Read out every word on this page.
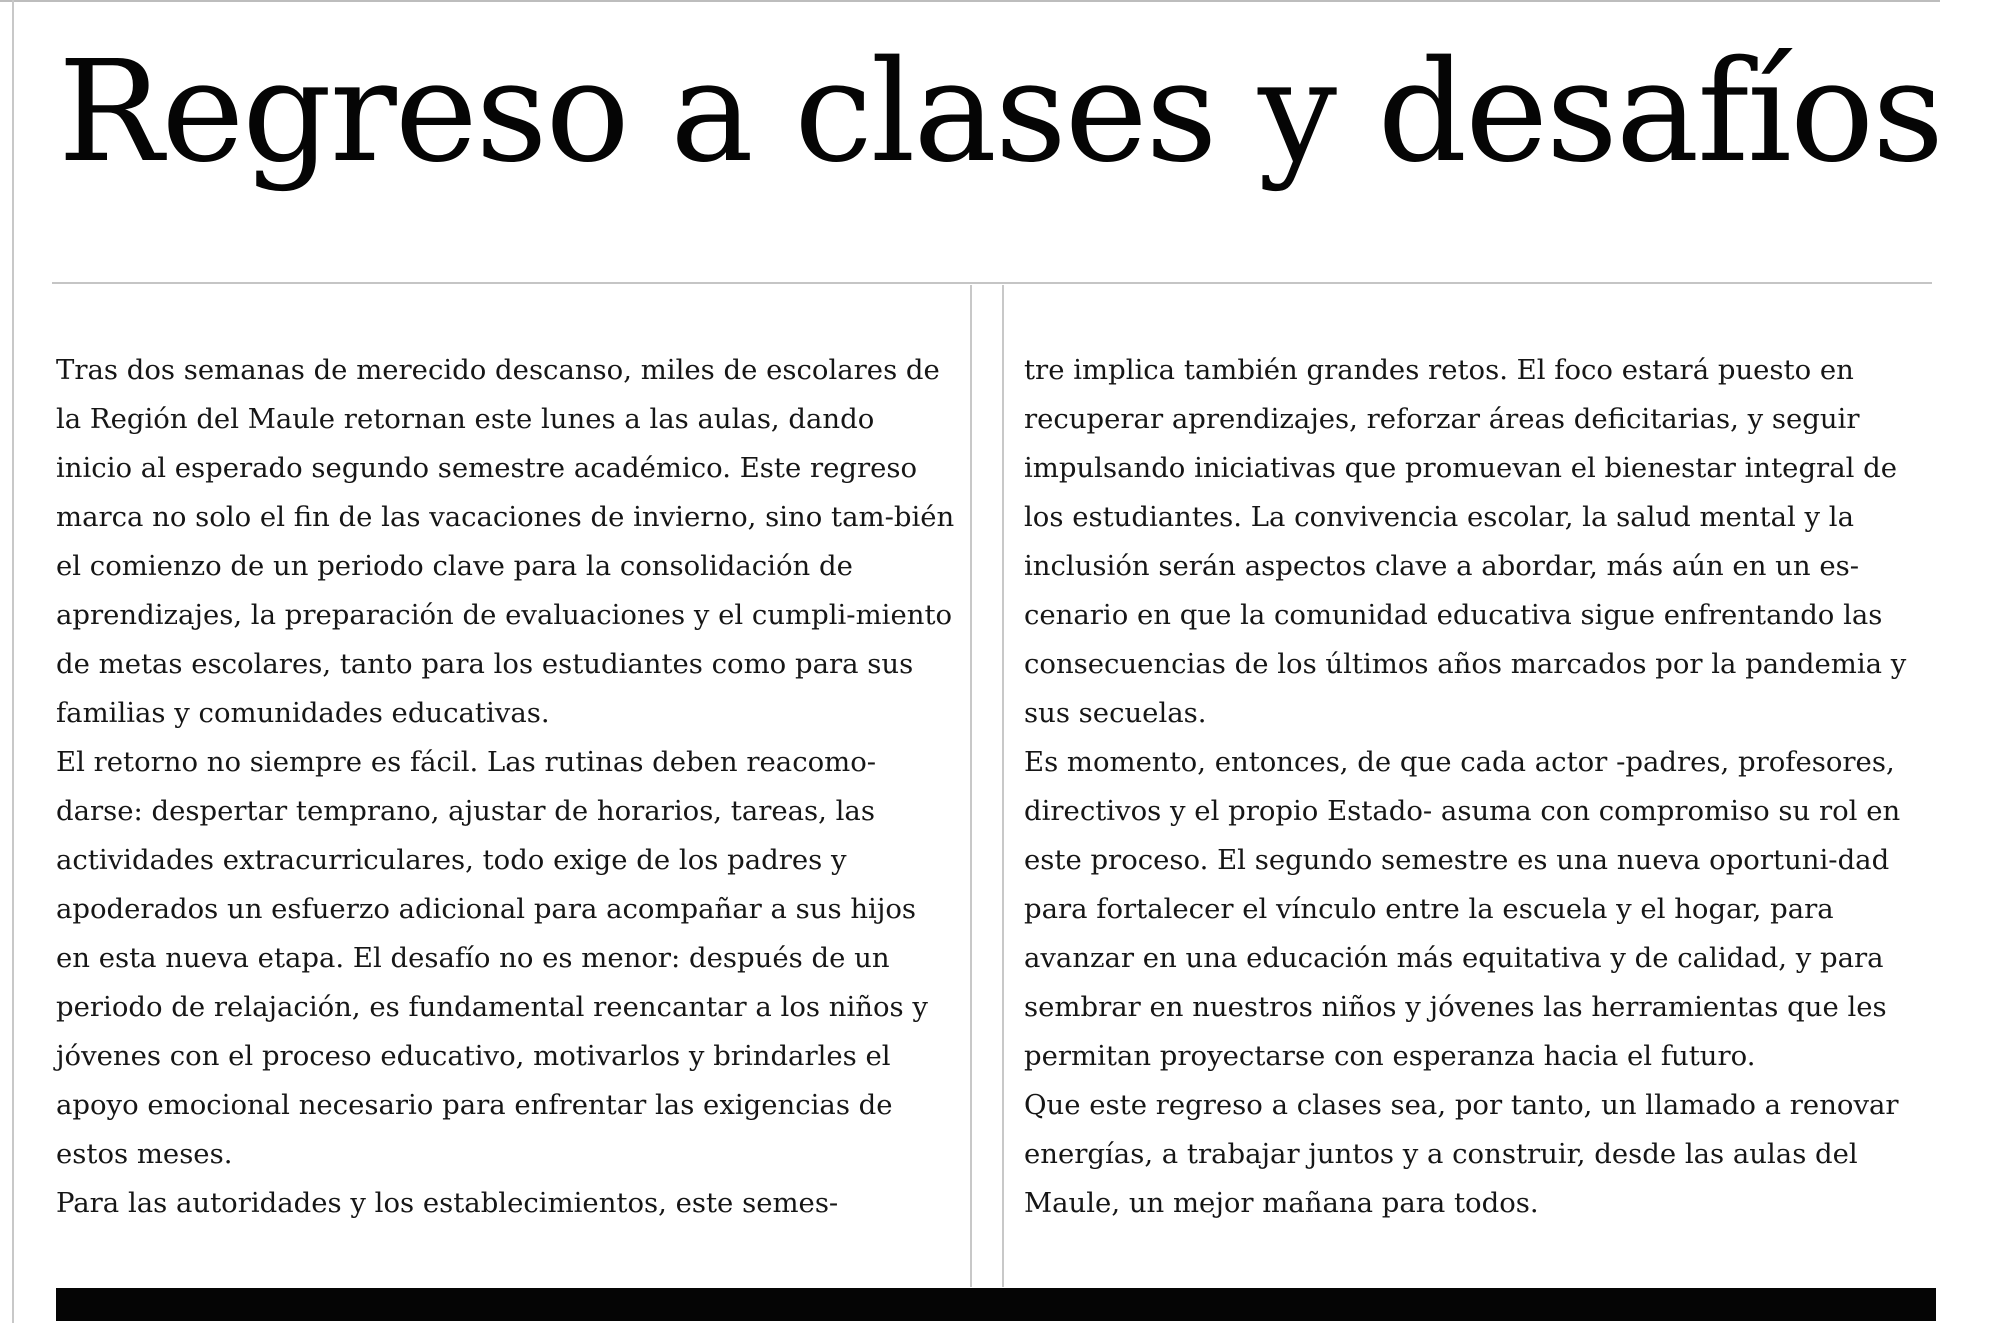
Regreso a clases y desafíos

Tras dos semanas de merecido descanso, miles de escolares de la Región del Maule retornan este lunes a las aulas, dando inicio al esperado segundo semestre académico. Este regreso marca no solo el fin de las vacaciones de invierno, sino tam-bién el comienzo de un periodo clave para la consolidación de aprendizajes, la preparación de evaluaciones y el cumpli-miento de metas escolares, tanto para los estudiantes como para sus familias y comunidades educativas.

El retorno no siempre es fácil. Las rutinas deben reacomo-darse: despertar temprano, ajustar de horarios, tareas, las actividades extracurriculares, todo exige de los padres y apoderados un esfuerzo adicional para acompañar a sus hijos en esta nueva etapa. El desafío no es menor: después de un periodo de relajación, es fundamental reencantar a los niños y jóvenes con el proceso educativo, motivarlos y brindarles el apoyo emocional necesario para enfrentar las exigencias de estos meses.

Para las autoridades y los establecimientos, este semes-

tre implica también grandes retos. El foco estará puesto en recuperar aprendizajes, reforzar áreas deficitarias, y seguir impulsando iniciativas que promuevan el bienestar integral de los estudiantes. La convivencia escolar, la salud mental y la inclusión serán aspectos clave a abordar, más aún en un es-cenario en que la comunidad educativa sigue enfrentando las consecuencias de los últimos años marcados por la pandemia y sus secuelas.

Es momento, entonces, de que cada actor -padres, profesores, directivos y el propio Estado- asuma con compromiso su rol en este proceso. El segundo semestre es una nueva oportuni-dad para fortalecer el vínculo entre la escuela y el hogar, para avanzar en una educación más equitativa y de calidad, y para sembrar en nuestros niños y jóvenes las herramientas que les permitan proyectarse con esperanza hacia el futuro.

Que este regreso a clases sea, por tanto, un llamado a renovar energías, a trabajar juntos y a construir, desde las aulas del Maule, un mejor mañana para todos.
